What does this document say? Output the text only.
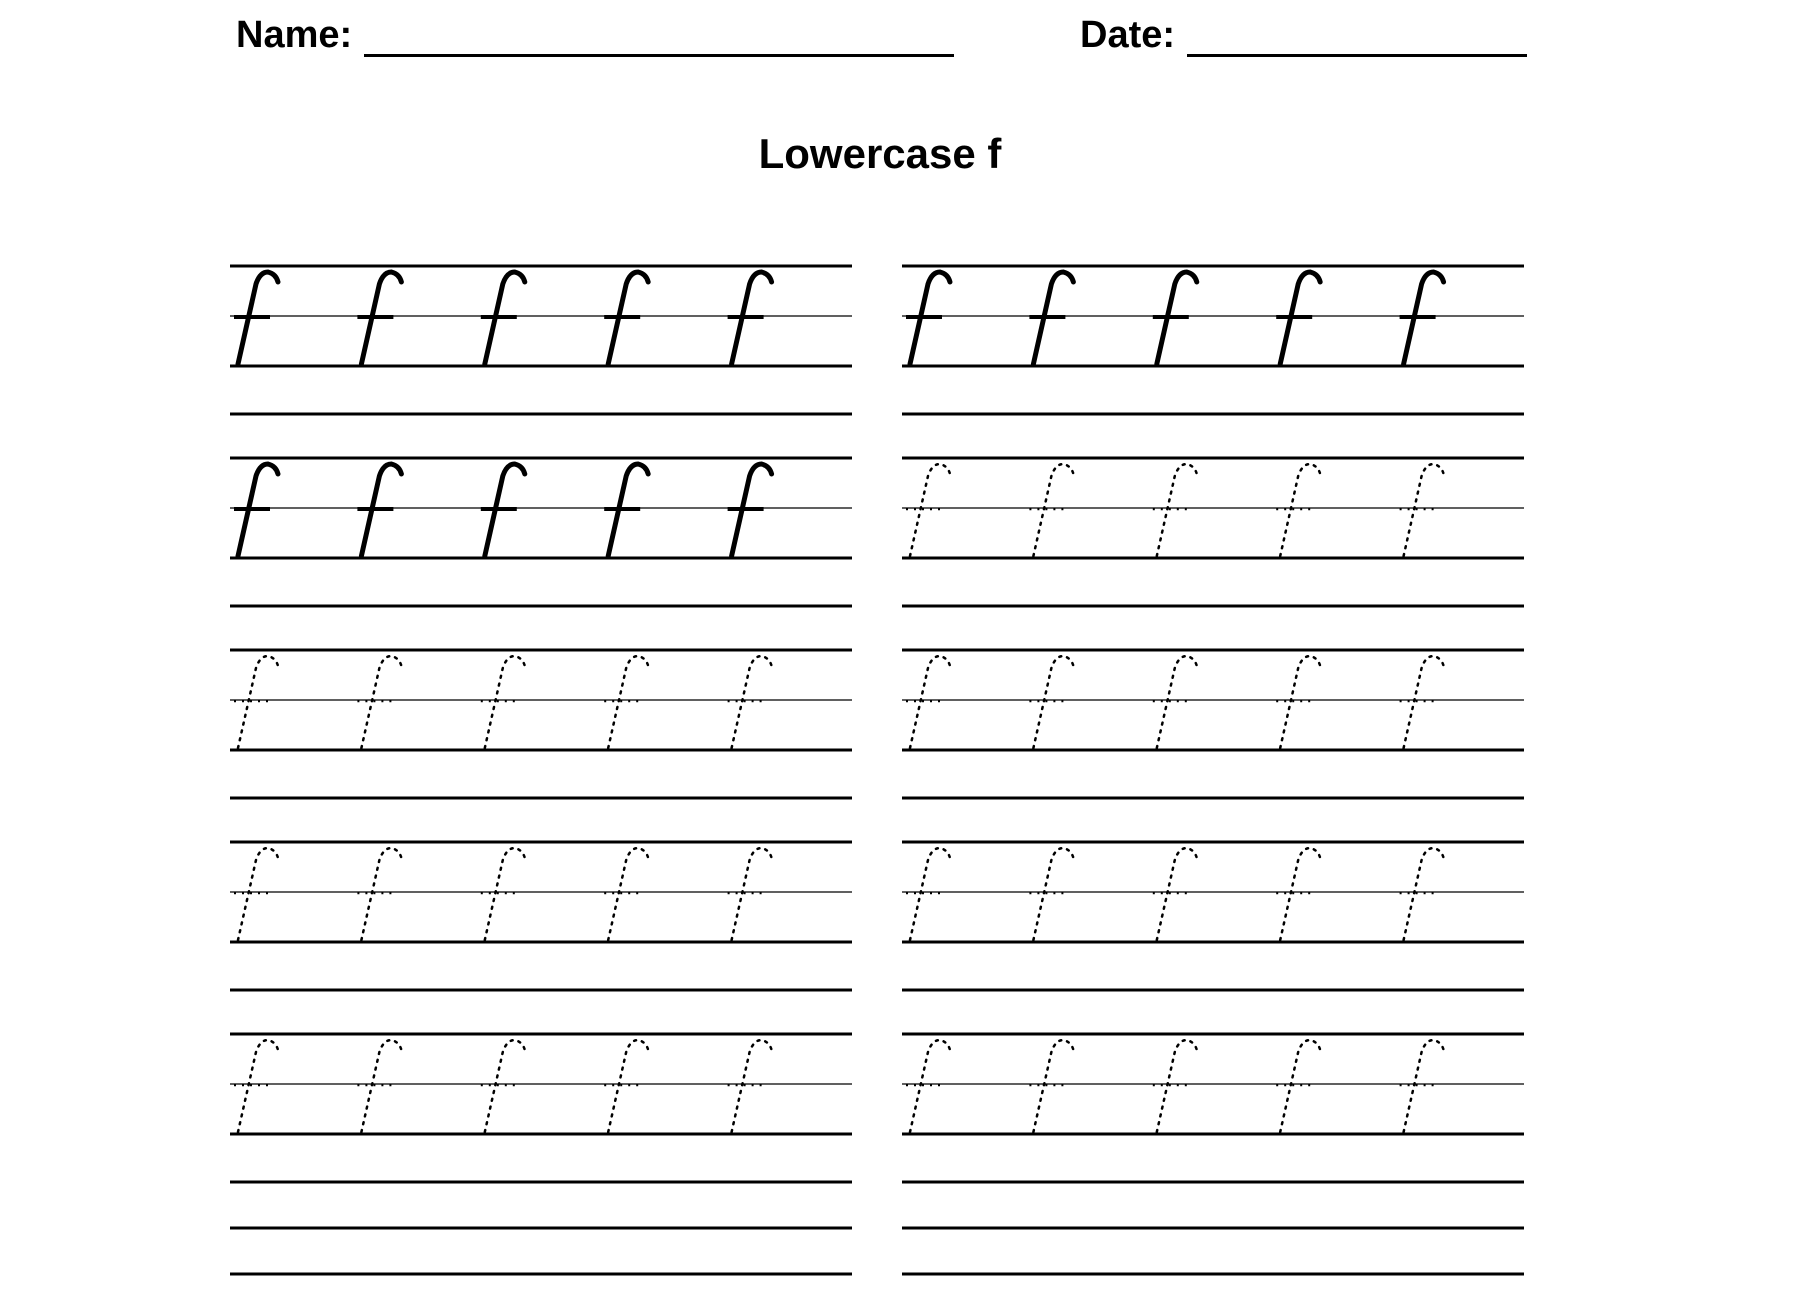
Name:	Date:
Lowercase f
